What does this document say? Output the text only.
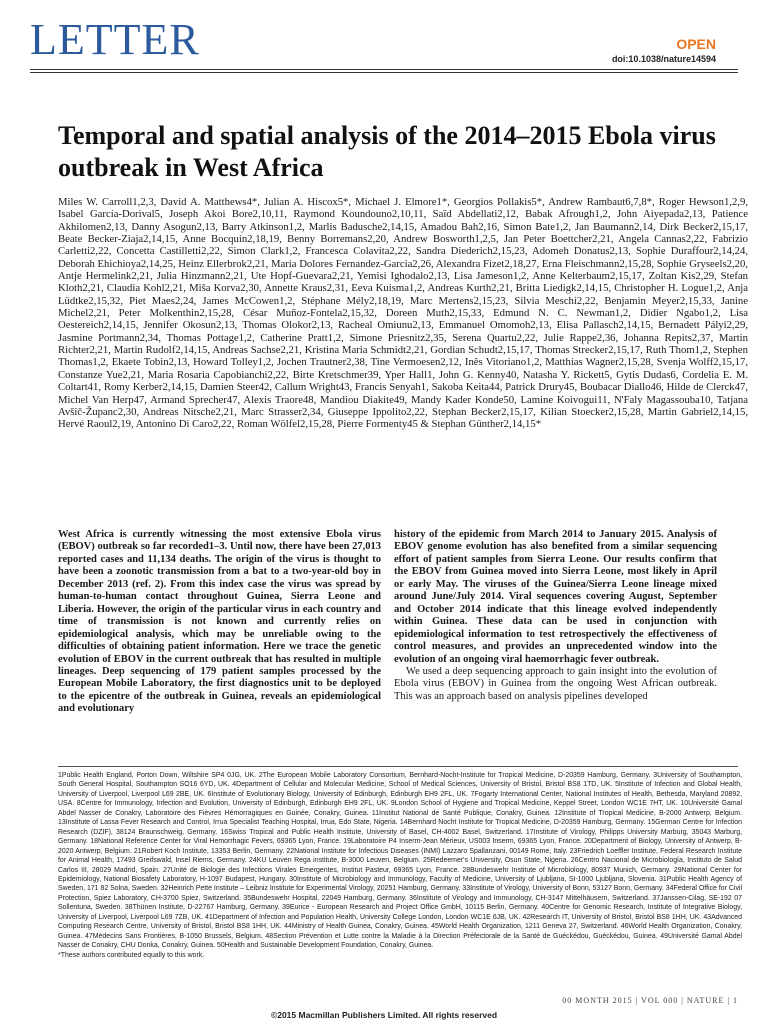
LETTER	OPEN
doi:10.1038/nature14594
Temporal and spatial analysis of the 2014–2015 Ebola virus outbreak in West Africa

Miles W. Carroll1,2,3, David A. Matthews4*, Julian A. Hiscox5*, Michael J. Elmore1*, Georgios Pollakis5*, Andrew Rambaut6,7,8*, Roger Hewson1,2,9, Isabel García-Dorival5, Joseph Akoi Bore2,10,11, Raymond Koundouno2,10,11, Saïd Abdellati2,12, Babak Afrough1,2, John Aiyepada2,13, Patience Akhilomen2,13, Danny Asogun2,13, Barry Atkinson1,2, Marlis Badusche2,14,15, Amadou Bah2,16, Simon Bate1,2, Jan Baumann2,14, Dirk Becker2,15,17, Beate Becker-Ziaja2,14,15, Anne Bocquin2,18,19, Benny Borremans2,20, Andrew Bosworth1,2,5, Jan Peter Boettcher2,21, Angela Cannas2,22, Fabrizio Carletti2,22, Concetta Castilletti2,22, Simon Clark1,2, Francesca Colavita2,22, Sandra Diederich2,15,23, Adomeh Donatus2,13, Sophie Duraffour2,14,24, Deborah Ehichioya2,14,25, Heinz Ellerbrok2,21, Maria Dolores Fernandez-Garcia2,26, Alexandra Fizet2,18,27, Erna Fleischmann2,15,28, Sophie Gryseels2,20, Antje Hermelink2,21, Julia Hinzmann2,21, Ute Hopf-Guevara2,21, Yemisi Ighodalo2,13, Lisa Jameson1,2, Anne Kelterbaum2,15,17, Zoltan Kis2,29, Stefan Kloth2,21, Claudia Kohl2,21, Miša Korva2,30, Annette Kraus2,31, Eeva Kuisma1,2, Andreas Kurth2,21, Britta Liedigk2,14,15, Christopher H. Logue1,2, Anja Lüdtke2,15,32, Piet Maes2,24, James McCowen1,2, Stéphane Mély2,18,19, Marc Mertens2,15,23, Silvia Meschi2,22, Benjamin Meyer2,15,33, Janine Michel2,21, Peter Molkenthin2,15,28, César Muñoz-Fontela2,15,32, Doreen Muth2,15,33, Edmund N. C. Newman1,2, Didier Ngabo1,2, Lisa Oestereich2,14,15, Jennifer Okosun2,13, Thomas Olokor2,13, Racheal Omiunu2,13, Emmanuel Omomoh2,13, Elisa Pallasch2,14,15, Bernadett Pályi2,29, Jasmine Portmann2,34, Thomas Pottage1,2, Catherine Pratt1,2, Simone Priesnitz2,35, Serena Quartu2,22, Julie Rappe2,36, Johanna Repits2,37, Martin Richter2,21, Martin Rudolf2,14,15, Andreas Sachse2,21, Kristina Maria Schmidt2,21, Gordian Schudt2,15,17, Thomas Strecker2,15,17, Ruth Thom1,2, Stephen Thomas1,2, Ekaete Tobin2,13, Howard Tolley1,2, Jochen Trautner2,38, Tine Vermoesen2,12, Inês Vitoriano1,2, Matthias Wagner2,15,28, Svenja Wolff2,15,17, Constanze Yue2,21, Maria Rosaria Capobianchi2,22, Birte Kretschmer39, Yper Hall1, John G. Kenny40, Natasha Y. Rickett5, Gytis Dudas6, Cordelia E. M. Coltart41, Romy Kerber2,14,15, Damien Steer42, Callum Wright43, Francis Senyah1, Sakoba Keita44, Patrick Drury45, Boubacar Diallo46, Hilde de Clerck47, Michel Van Herp47, Armand Sprecher47, Alexis Traore48, Mandiou Diakite49, Mandy Kader Konde50, Lamine Koivogui11, N'Faly Magassouba10, Tatjana Avšič-Županc2,30, Andreas Nitsche2,21, Marc Strasser2,34, Giuseppe Ippolito2,22, Stephan Becker2,15,17, Kilian Stoecker2,15,28, Martin Gabriel2,14,15, Hervé Raoul2,19, Antonino Di Caro2,22, Roman Wölfel2,15,28, Pierre Formenty45 & Stephan Günther2,14,15*

West Africa is currently witnessing the most extensive Ebola virus (EBOV) outbreak so far recorded1–3. Until now, there have been 27,013 reported cases and 11,134 deaths. The origin of the virus is thought to have been a zoonotic transmission from a bat to a two-year-old boy in December 2013 (ref. 2). From this index case the virus was spread by human-to-human contact throughout Guinea, Sierra Leone and Liberia. However, the origin of the particular virus in each country and time of transmission is not known and currently relies on epidemiological analysis, which may be unreliable owing to the difficulties of obtaining patient information. Here we trace the genetic evolution of EBOV in the current outbreak that has resulted in multiple lineages. Deep sequencing of 179 patient samples processed by the European Mobile Laboratory, the first diagnostics unit to be deployed to the epicentre of the outbreak in Guinea, reveals an epidemiological and evolutionary

history of the epidemic from March 2014 to January 2015. Analysis of EBOV genome evolution has also benefited from a similar sequencing effort of patient samples from Sierra Leone. Our results confirm that the EBOV from Guinea moved into Sierra Leone, most likely in April or early May. The viruses of the Guinea/Sierra Leone lineage mixed around June/July 2014. Viral sequences covering August, September and October 2014 indicate that this lineage evolved independently within Guinea. These data can be used in conjunction with epidemiological information to test retrospectively the effectiveness of control measures, and provides an unprecedented window into the evolution of an ongoing viral haemorrhagic fever outbreak.

We used a deep sequencing approach to gain insight into the evolution of Ebola virus (EBOV) in Guinea from the ongoing West African outbreak. This was an approach based on analysis pipelines developed

1Public Health England, Porton Down, Wiltshire SP4 0JG, UK. 2The European Mobile Laboratory Consortium, Bernhard-Nocht-Institute for Tropical Medicine, D-20359 Hamburg, Germany. 3University of Southampton, South General Hospital, Southampton SO16 6YD, UK. 4Department of Cellular and Molecular Medicine, School of Medical Sciences, University of Bristol, Bristol BS8 1TD, UK. 5Institute of Infection and Global Health, University of Liverpool, Liverpool L69 2BE, UK. 6Institute of Evolutionary Biology, University of Edinburgh, Edinburgh EH9 2FL, UK. 7Fogarty International Center, National Institutes of Health, Bethesda, Maryland 20892, USA. 8Centre for Immunology, Infection and Evolution, University of Edinburgh, Edinburgh EH9 2FL, UK. 9London School of Hygiene and Tropical Medicine, Keppel Street, London WC1E 7HT, UK. 10Université Gamal Abdel Nasser de Conakry, Laboratoire des Fièvres Hémorragiques en Guinée, Conakry, Guinea. 11Institut National de Santé Publique, Conakry, Guinea. 12Institute of Tropical Medicine, B-2000 Antwerp, Belgium. 13Institute of Lassa Fever Research and Control, Irrua Specialist Teaching Hospital, Irrua, Edo State, Nigeria. 14Bernhard Nocht Institute for Tropical Medicine, D-20359 Hamburg, Germany. 15German Centre for Infection Research (DZIF), 38124 Braunschweig, Germany. 16Swiss Tropical and Public Health Institute, University of Basel, CH-4002 Basel, Switzerland. 17Institute of Virology, Philipps University Marburg, 35043 Marburg, Germany. 18National Reference Center for Viral Hemorrhagic Fevers, 69365 Lyon, France. 19Laboratoire P4 Inserm-Jean Mérieux, US003 Inserm, 69365 Lyon, France. 20Department of Biology, University of Antwerp, B-2020 Antwerp, Belgium. 21Robert Koch Institute, 13353 Berlin, Germany. 22National Institute for Infectious Diseases (INMI) Lazzaro Spallanzani, 00149 Rome, Italy. 23Friedrich Loeffler Institute, Federal Research Institute for Animal Health, 17493 Greifswald, Insel Riems, Germany. 24KU Leuven Rega institute, B-3000 Leuven, Belgium. 25Redeemer's University, Osun State, Nigeria. 26Centro Nacional de Microbiología, Instituto de Salud Carlos III, 28029 Madrid, Spain. 27Unité de Biologie des Infections Virales Emergentes, Institut Pasteur, 69365 Lyon, France. 28Bundeswehr Institute of Microbiology, 80937 Munich, Germany. 29National Center for Epidemiology, National Biosafety Laboratory, H-1097 Budapest, Hungary. 30Institute of Microbiology and Immunology, Faculty of Medicine, University of Ljubljana, SI-1000 Ljubljana, Slovenia. 31Public Health Agency of Sweden, 171 82 Solna, Sweden. 32Heinrich Pette Institute – Leibniz Institute for Experimental Virology, 20251 Hamburg, Germany. 33Institute of Virology, University of Bonn, 53127 Bonn, Germany. 34Federal Office for Civil Protection, Spiez Laboratory, CH-3700 Spiez, Switzerland. 35Bundeswehr Hospital, 22049 Hamburg, Germany. 36Institute of Virology and Immunology, CH-3147 Mittelhäusern, Switzerland. 37Janssen-Cilag, SE-192 07 Sollentuna, Sweden. 38Thünen Institute, D-22767 Hamburg, Germany. 39Eurice - European Research and Project Office GmbH, 10115 Berlin, Germany. 40Centre for Genomic Research, Institute of Integrative Biology, University of Liverpool, Liverpool L69 7ZB, UK. 41Department of Infection and Population Health, University College London, London WC1E 6JB, UK. 42Research IT, University of Bristol, Bristol BS8 1HH, UK. 43Advanced Computing Research Centre, University of Bristol, Bristol BS8 1HH, UK. 44Ministry of Health Guinea, Conakry, Guinea. 45World Health Organization, 1211 Geneva 27, Switzerland. 46World Health Organization, Conakry, Guinea. 47Médecins Sans Frontières, B-1050 Brussels, Belgium. 48Section Prévention et Lutte contre la Maladie à la Direction Préfectorale de la Santé de Guéckédou, Guéckédou, Guinea. 49Université Gamal Abdel Nasser de Conakry, CHU Donka, Conakry, Guinea. 50Health and Sustainable Development Foundation, Conakry, Guinea.
*These authors contributed equally to this work.
00 MONTH 2015 | VOL 000 | NATURE | 1
©2015 Macmillan Publishers Limited. All rights reserved
